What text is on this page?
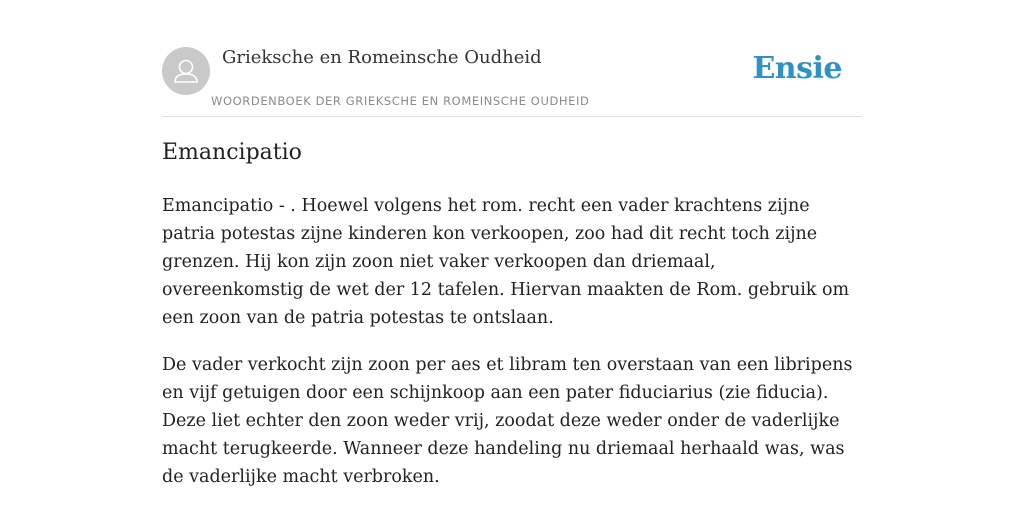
Grieksche en Romeinsche Oudheid
WOORDENBOEK DER GRIEKSCHE EN ROMEINSCHE OUDHEID
Ensie
Emancipatio

Emancipatio - . Hoewel volgens het rom. recht een vader krachtens zijne patria potestas zijne kinderen kon verkoopen, zoo had dit recht toch zijne grenzen. Hij kon zijn zoon niet vaker verkoopen dan driemaal, overeenkomstig de wet der 12 tafelen. Hiervan maakten de Rom. gebruik om een zoon van de patria potestas te ontslaan.

De vader verkocht zijn zoon per aes et libram ten overstaan van een libripens en vijf getuigen door een schijnkoop aan een pater fiduciarius (zie fiducia). Deze liet echter den zoon weder vrij, zoodat deze weder onder de vaderlijke macht terugkeerde. Wanneer deze handeling nu driemaal herhaald was, was de vaderlijke macht verbroken.
